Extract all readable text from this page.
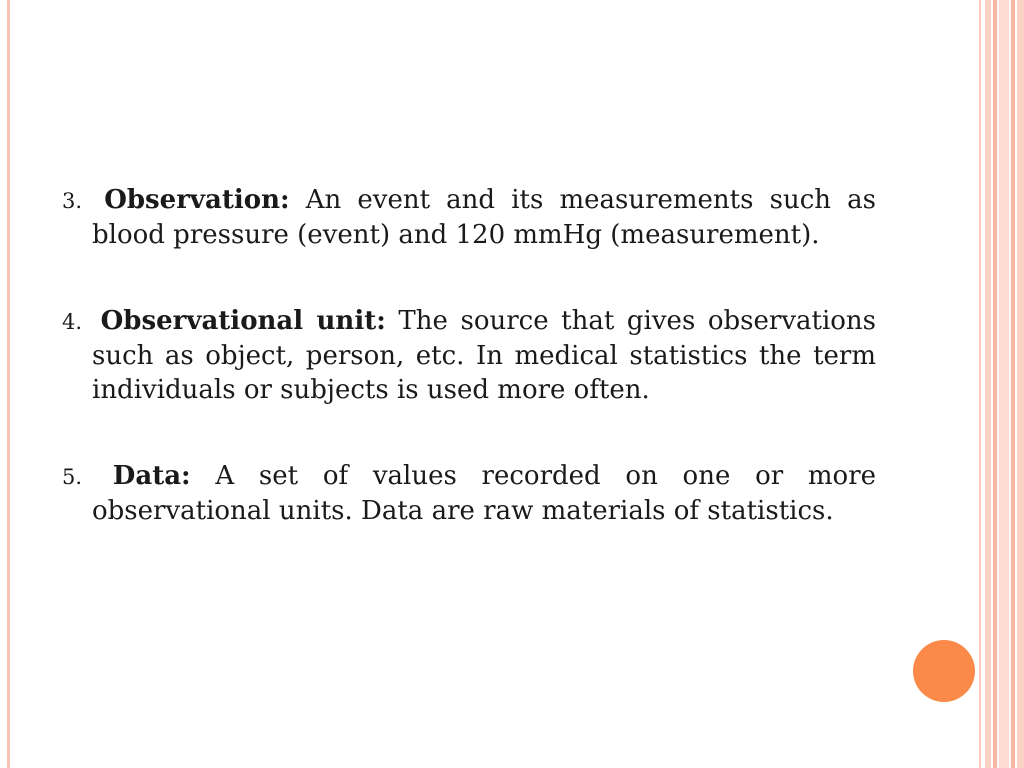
3. Observation: An event and its measurements such as blood pressure (event) and 120 mmHg (measurement).

4. Observational unit: The source that gives observations such as object, person, etc. In medical statistics the term individuals or subjects is used more often.

5. Data: A set of values recorded on one or more observational units. Data are raw materials of statistics.
